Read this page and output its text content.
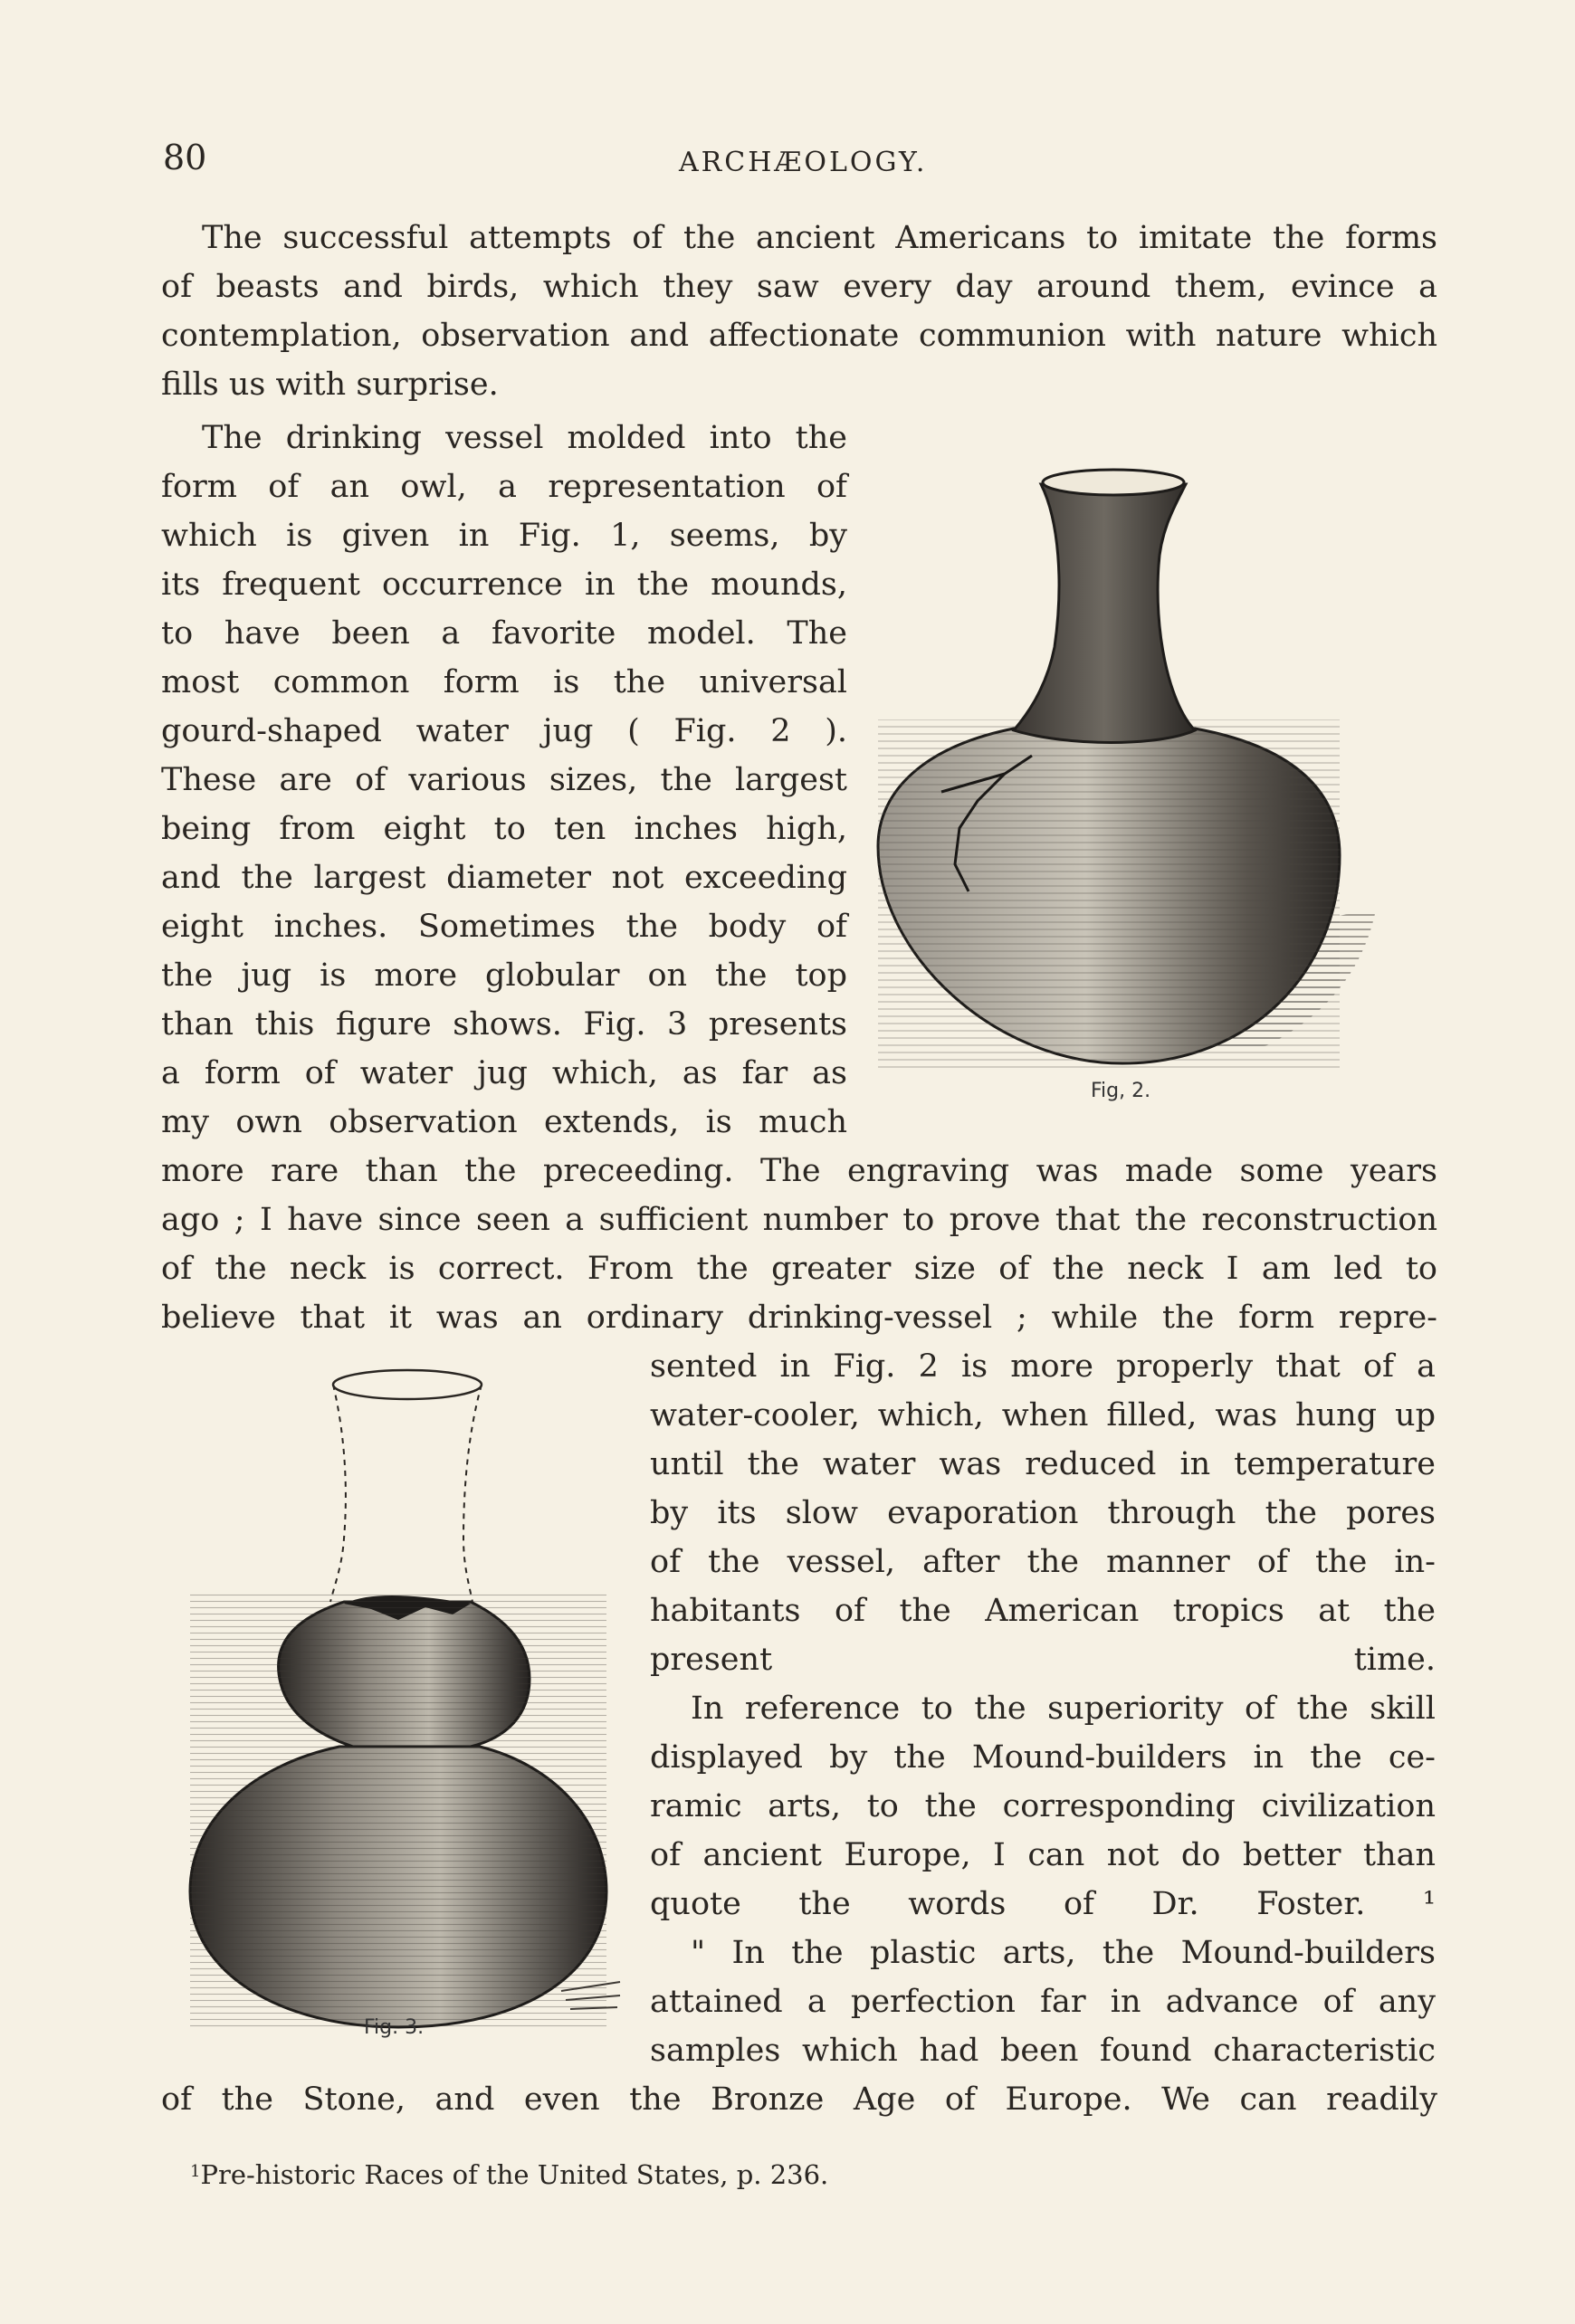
80	ARCHÆOLOGY.
The successful attempts of the ancient Americans to imitate the forms
of beasts and birds, which they saw every day around them, evince a
contemplation, observation and affectionate communion with nature which
fills us with surprise.
The drinking vessel molded into the
form of an owl, a representation of
which is given in Fig. 1, seems, by
its frequent occurrence in the mounds,
to have been a favorite model. The
most common form is the universal
gourd-shaped water jug ( Fig. 2 ).
These are of various sizes, the largest
being from eight to ten inches high,
and the largest diameter not exceeding
eight inches. Sometimes the body of
the jug is more globular on the top
than this figure shows. Fig. 3 presents
a form of water jug which, as far as
my own observation extends, is much
more rare than the preceeding. The engraving was made some years
ago ; I have since seen a sufficient number to prove that the reconstruction
of the neck is correct. From the greater size of the neck I am led to
believe that it was an ordinary drinking-vessel ; while the form repre-
sented in Fig. 2 is more properly that of a
water-cooler, which, when filled, was hung up
until the water was reduced in temperature
by its slow evaporation through the pores
of the vessel, after the manner of the in-
habitants of the American tropics at the
present time.
In reference to the superiority of the skill
displayed by the Mound-builders in the ce-
ramic arts, to the corresponding civilization
of ancient Europe, I can not do better than
quote the words of Dr. Foster. ¹
" In the plastic arts, the Mound-builders
attained a perfection far in advance of any
samples which had been found characteristic
of the Stone, and even the Bronze Age of Europe. We can readily
Fig, 2.
Fig. 3.
$^1$Pre-historic Races of the United States, p. 236.
